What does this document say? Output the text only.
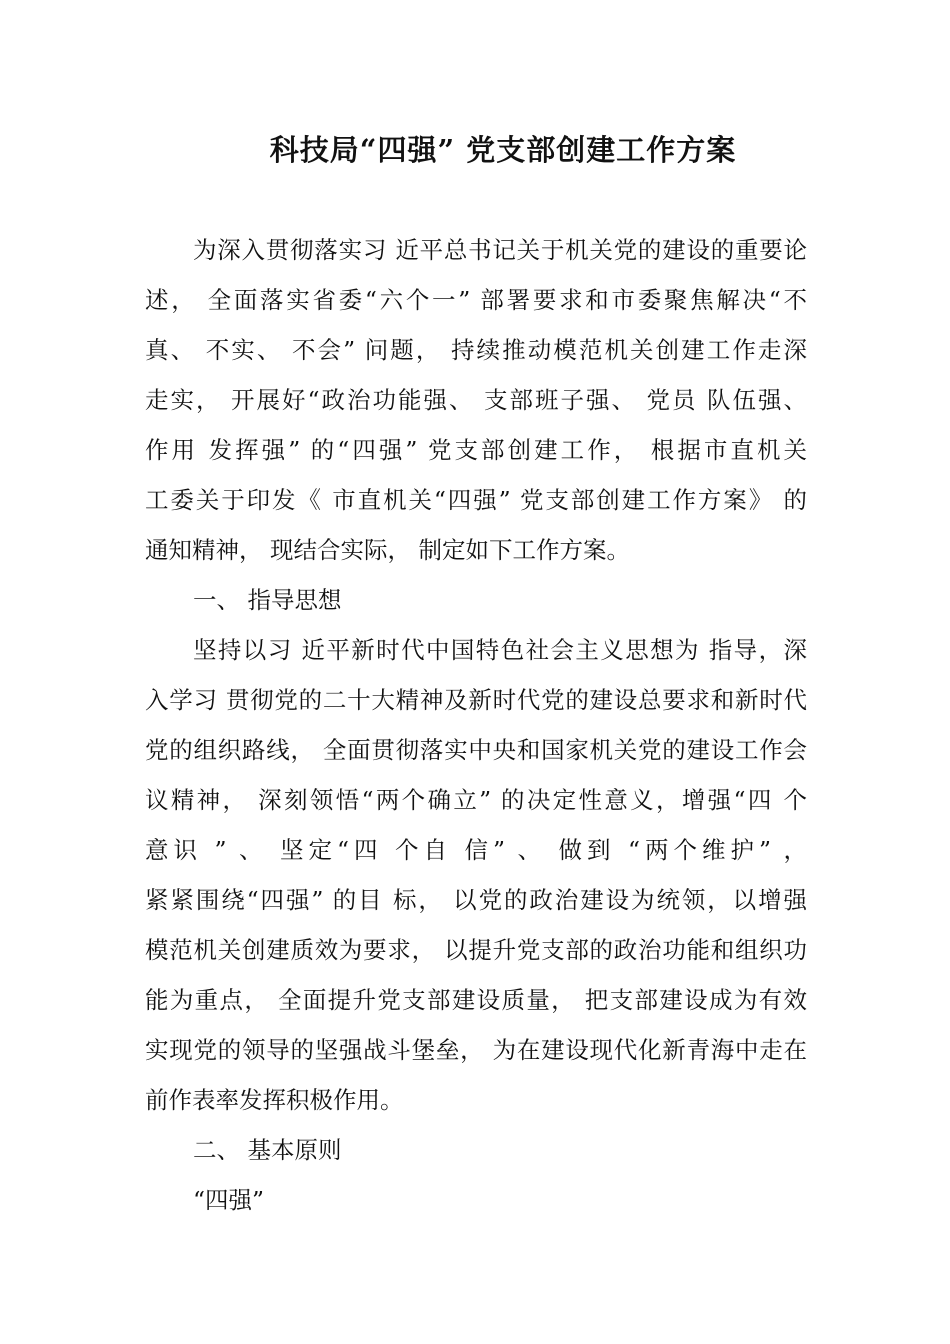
科技局“四强” 党支部创建工作方案
为深入贯彻落实习 近平总书记关于机关党的建设的重要论
述， 全面落实省委“六个一” 部署要求和市委聚焦解决“不
真、 不实、 不会” 问题， 持续推动模范机关创建工作走深
走实， 开展好“政治功能强、 支部班子强、 党员 队伍强、
作用 发挥强” 的“四强” 党支部创建工作， 根据市直机关
工委关于印发《 市直机关“四强” 党支部创建工作方案》 的
通知精神， 现结合实际， 制定如下工作方案。
一、 指导思想
坚持以习 近平新时代中国特色社会主义思想为 指导，深
入学习 贯彻党的二十大精神及新时代党的建设总要求和新时代
党的组织路线， 全面贯彻落实中央和国家机关党的建设工作会
议精神， 深刻领悟“两个确立” 的决定性意义，增强“四 个
意识 ” 、 坚定“四 个自 信” 、 做到 “两个维护” ，
紧紧围绕“四强” 的目 标， 以党的政治建设为统领，以增强
模范机关创建质效为要求， 以提升党支部的政治功能和组织功
能为重点， 全面提升党支部建设质量， 把支部建设成为有效
实现党的领导的坚强战斗堡垒， 为在建设现代化新青海中走在
前作表率发挥积极作用。
二、 基本原则
“四强”
